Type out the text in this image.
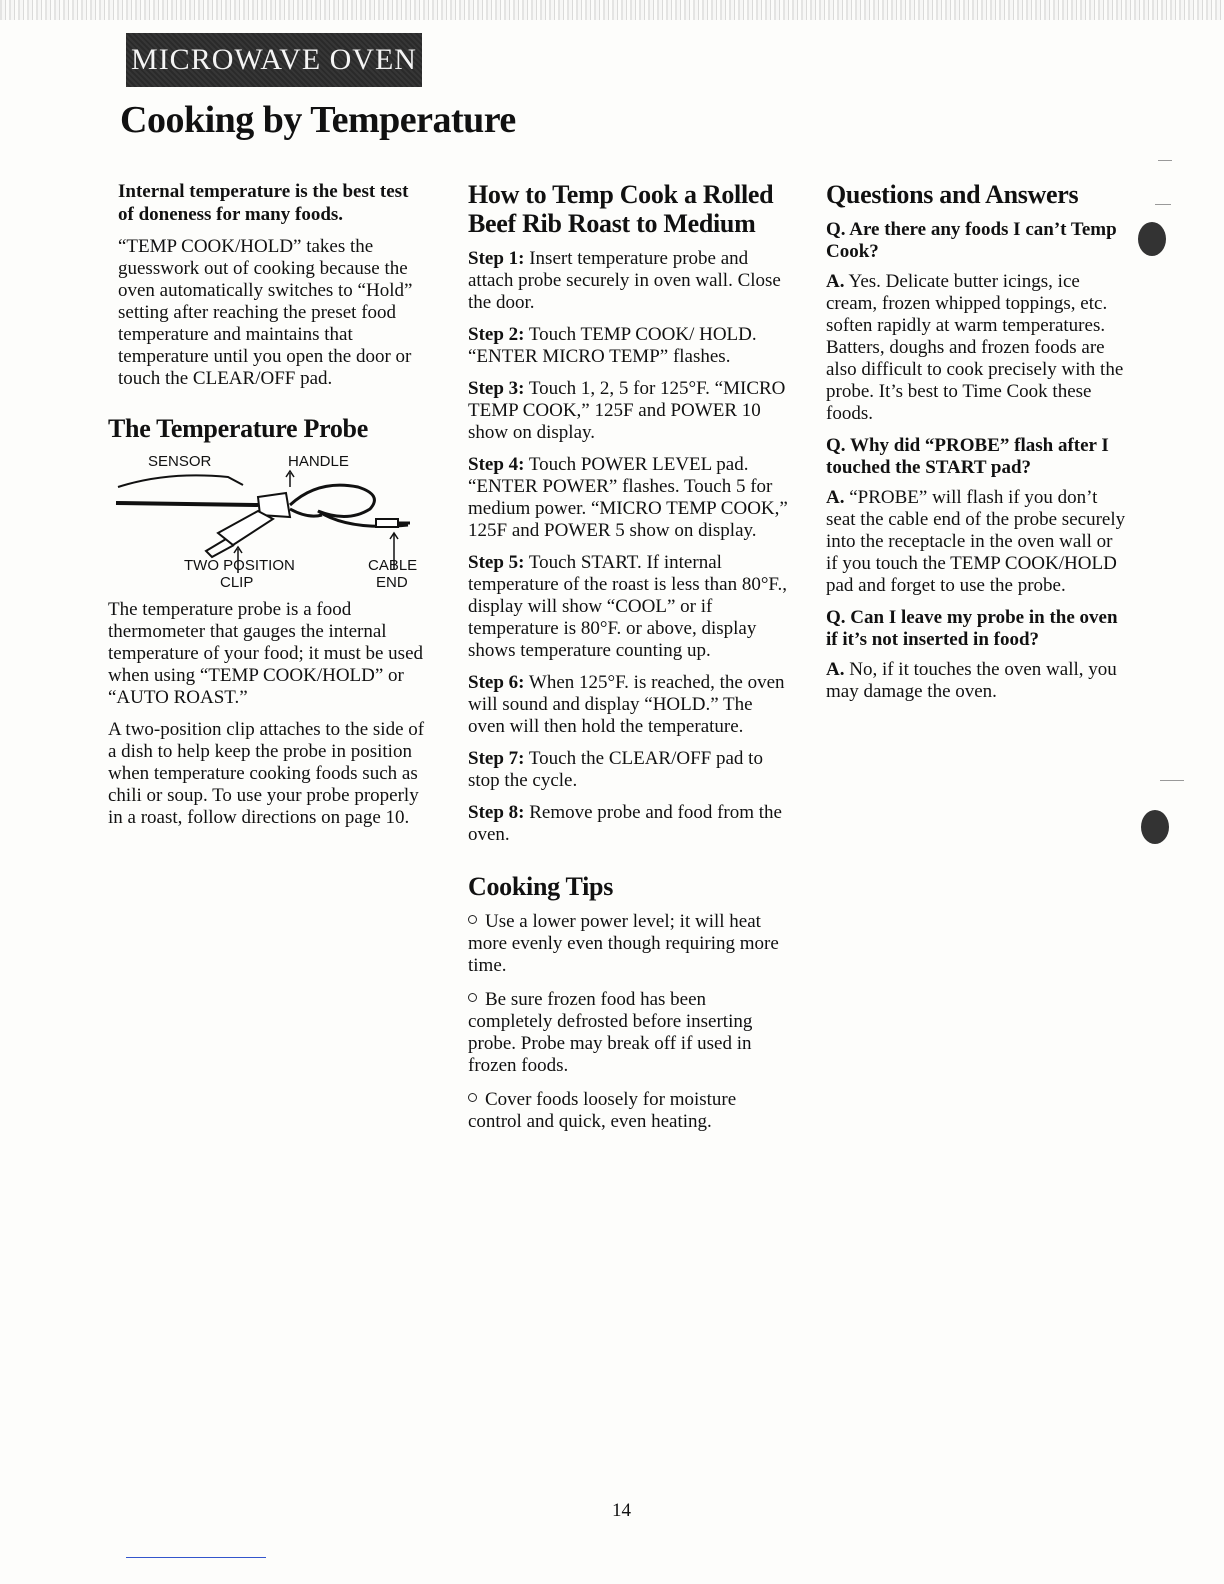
MICROWAVE OVEN
Cooking by Temperature

Internal temperature is the best test of doneness for many foods.

“TEMP COOK/HOLD” takes the guesswork out of cooking because the oven automatically switches to “Hold” setting after reaching the preset food temperature and maintains that temperature until you open the door or touch the CLEAR/OFF pad.

The Temperature Probe
SENSOR	HANDLE
TWO POSITION
CLIP
CABLE
END

The temperature probe is a food thermometer that gauges the internal temperature of your food; it must be used when using “TEMP COOK/HOLD” or “AUTO ROAST.”

A two-position clip attaches to the side of a dish to help keep the probe in position when temperature cooking foods such as chili or soup. To use your probe properly in a roast, follow directions on page 10.

How to Temp Cook a Rolled Beef Rib Roast to Medium

Step 1: Insert temperature probe and attach probe securely in oven wall. Close the door.

Step 2: Touch TEMP COOK/ HOLD. “ENTER MICRO TEMP” flashes.

Step 3: Touch 1, 2, 5 for 125°F. “MICRO TEMP COOK,” 125F and POWER 10 show on display.

Step 4: Touch POWER LEVEL pad. “ENTER POWER” flashes. Touch 5 for medium power. “MICRO TEMP COOK,” 125F and POWER 5 show on display.

Step 5: Touch START. If internal temperature of the roast is less than 80°F., display will show “COOL” or if temperature is 80°F. or above, display shows temperature counting up.

Step 6: When 125°F. is reached, the oven will sound and display “HOLD.” The oven will then hold the temperature.

Step 7: Touch the CLEAR/OFF pad to stop the cycle.

Step 8: Remove probe and food from the oven.

Cooking Tips

Use a lower power level; it will heat more evenly even though requiring more time.

Be sure frozen food has been completely defrosted before inserting probe. Probe may break off if used in frozen foods.

Cover foods loosely for moisture control and quick, even heating.

Questions and Answers

Q. Are there any foods I can’t Temp Cook?

A. Yes. Delicate butter icings, ice cream, frozen whipped toppings, etc. soften rapidly at warm temperatures. Batters, doughs and frozen foods are also difficult to cook precisely with the probe. It’s best to Time Cook these foods.

Q. Why did “PROBE” flash after I touched the START pad?

A. “PROBE” will flash if you don’t seat the cable end of the probe securely into the receptacle in the oven wall or if you touch the TEMP COOK/HOLD pad and forget to use the probe.

Q. Can I leave my probe in the oven if it’s not inserted in food?

A. No, if it touches the oven wall, you may damage the oven.

14
